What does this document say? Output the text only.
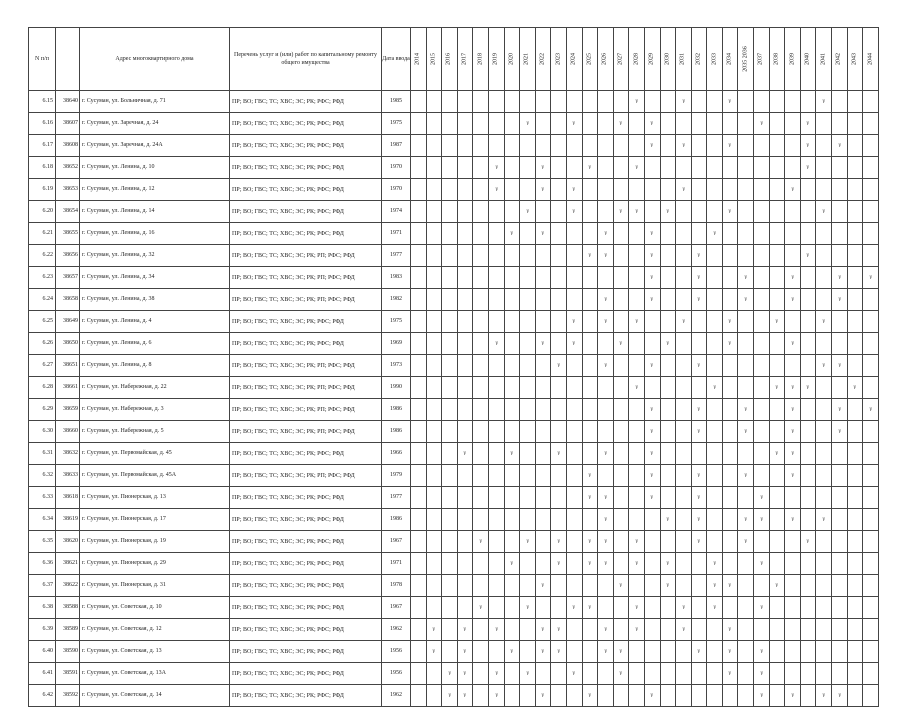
N п/п		Адрес многоквартирного дома	Перечень услуг и (или) работ по капитальному ремонту общего имущества	Дата ввода	2014	2015	2016	2017	2018	2019	2020	2021	2022	2023	2024	2025	2026	2027	2028	2029	2030	2031	2032	2033	2034	2035 2036	2037	2038	2039	2040	2041	2042	2043	2044

6.15	38640	г. Сусуман, ул. Больничная, д. 71	ПР; ВО; ГВС; ТС; ХВС; ЭС; РК; РФС; РФД	1985															v			v			v						v			
6.16	38607	г. Сусуман, ул. Заречная, д. 24	ПР; ВО; ГВС; ТС; ХВС; ЭС; РК; РФС; РФД	1975								v			v			v		v							v			v				
6.17	38608	г. Сусуман, ул. Заречная, д. 24А	ПР; ВО; ГВС; ТС; ХВС; ЭС; РК; РФС; РФД	1987																v		v			v					v		v		
6.18	38652	г. Сусуман, ул. Ленина, д. 10	ПР; ВО; ГВС; ТС; ХВС; ЭС; РК; РФС; РФД	1970						v			v			v			v											v				
6.19	38653	г. Сусуман, ул. Ленина, д. 12	ПР; ВО; ГВС; ТС; ХВС; ЭС; РК; РФС; РФД	1970						v			v		v							v							v					
6.20	38654	г. Сусуман, ул. Ленина, д. 14	ПР; ВО; ГВС; ТС; ХВС; ЭС; РК; РФС; РФД	1974								v			v			v	v		v				v						v			
6.21	38655	г. Сусуман, ул. Ленина, д. 16	ПР; ВО; ГВС; ТС; ХВС; ЭС; РК; РФС; РФД	1971							v		v				v			v				v										
6.22	38656	г. Сусуман, ул. Ленина, д. 32	ПР; ВО; ГВС; ТС; ХВС; ЭС; РК; РП; РФС; РФД	1977												v	v			v			v							v				
6.23	38657	г. Сусуман, ул. Ленина, д. 34	ПР; ВО; ГВС; ТС; ХВС; ЭС; РК; РП; РФС; РФД	1983																v			v			v			v			v		v
6.24	38658	г. Сусуман, ул. Ленина, д. 38	ПР; ВО; ГВС; ТС; ХВС; ЭС; РК; РП; РФС; РФД	1982													v			v			v			v			v			v		
6.25	38649	г. Сусуман, ул. Ленина, д. 4	ПР; ВО; ГВС; ТС; ХВС; ЭС; РК; РФС; РФД	1975											v		v		v			v			v			v			v			
6.26	38650	г. Сусуман, ул. Ленина, д. 6	ПР; ВО; ГВС; ТС; ХВС; ЭС; РК; РФС; РФД	1969						v			v		v			v			v				v				v					
6.27	38651	г. Сусуман, ул. Ленина, д. 8	ПР; ВО; ГВС; ТС; ХВС; ЭС; РК; РП; РФС; РФД	1973										v			v			v			v								v	v		
6.28	38661	г. Сусуман, ул. Набережная, д. 22	ПР; ВО; ГВС; ТС; ХВС; ЭС; РК; РП; РФС; РФД	1990															v					v				v	v	v			v	
6.29	38659	г. Сусуман, ул. Набережная, д. 3	ПР; ВО; ГВС; ТС; ХВС; ЭС; РК; РП; РФС; РФД	1986																v			v			v			v			v		v
6.30	38660	г. Сусуман, ул. Набережная, д. 5	ПР; ВО; ГВС; ТС; ХВС; ЭС; РК; РП; РФС; РФД	1986																v			v			v			v			v		
6.31	38632	г. Сусуман, ул. Первомайская, д. 45	ПР; ВО; ГВС; ТС; ХВС; ЭС; РК; РФС; РФД	1966				v			v			v			v			v								v	v					
6.32	38633	г. Сусуман, ул. Первомайская, д. 45А	ПР; ВО; ГВС; ТС; ХВС; ЭС; РК; РП; РФС; РФД	1979												v				v			v			v			v					
6.33	38618	г. Сусуман, ул. Пионерская, д. 13	ПР; ВО; ГВС; ТС; ХВС; ЭС; РК; РФС; РФД	1977												v	v			v			v				v							
6.34	38619	г. Сусуман, ул. Пионерская, д. 17	ПР; ВО; ГВС; ТС; ХВС; ЭС; РК; РФС; РФД	1986													v				v		v			v	v		v		v			
6.35	38620	г. Сусуман, ул. Пионерская, д. 19	ПР; ВО; ГВС; ТС; ХВС; ЭС; РК; РФС; РФД	1967					v			v		v		v	v		v				v			v				v				
6.36	38621	г. Сусуман, ул. Пионерская, д. 29	ПР; ВО; ГВС; ТС; ХВС; ЭС; РК; РФС; РФД	1971							v			v		v	v		v		v			v			v							
6.37	38622	г. Сусуман, ул. Пионерская, д. 31	ПР; ВО; ГВС; ТС; ХВС; ЭС; РК; РФС; РФД	1978									v					v			v			v	v			v						
6.38	38588	г. Сусуман, ул. Советская, д. 10	ПР; ВО; ГВС; ТС; ХВС; ЭС; РК; РФС; РФД	1967					v			v			v	v			v			v		v			v							
6.39	38589	г. Сусуман, ул. Советская, д. 12	ПР; ВО; ГВС; ТС; ХВС; ЭС; РК; РФС; РФД	1962		v		v		v			v	v			v		v			v			v									
6.40	38590	г. Сусуман, ул. Советская, д. 13	ПР; ВО; ГВС; ТС; ХВС; ЭС; РК; РФС; РФД	1956		v		v			v		v	v			v	v					v		v		v							
6.41	38591	г. Сусуман, ул. Советская, д. 13А	ПР; ВО; ГВС; ТС; ХВС; ЭС; РК; РФС; РФД	1956			v	v		v		v			v			v							v		v							
6.42	38592	г. Сусуман, ул. Советская, д. 14	ПР; ВО; ГВС; ТС; ХВС; ЭС; РК; РФС; РФД	1962			v	v		v			v			v				v							v		v		v	v		
